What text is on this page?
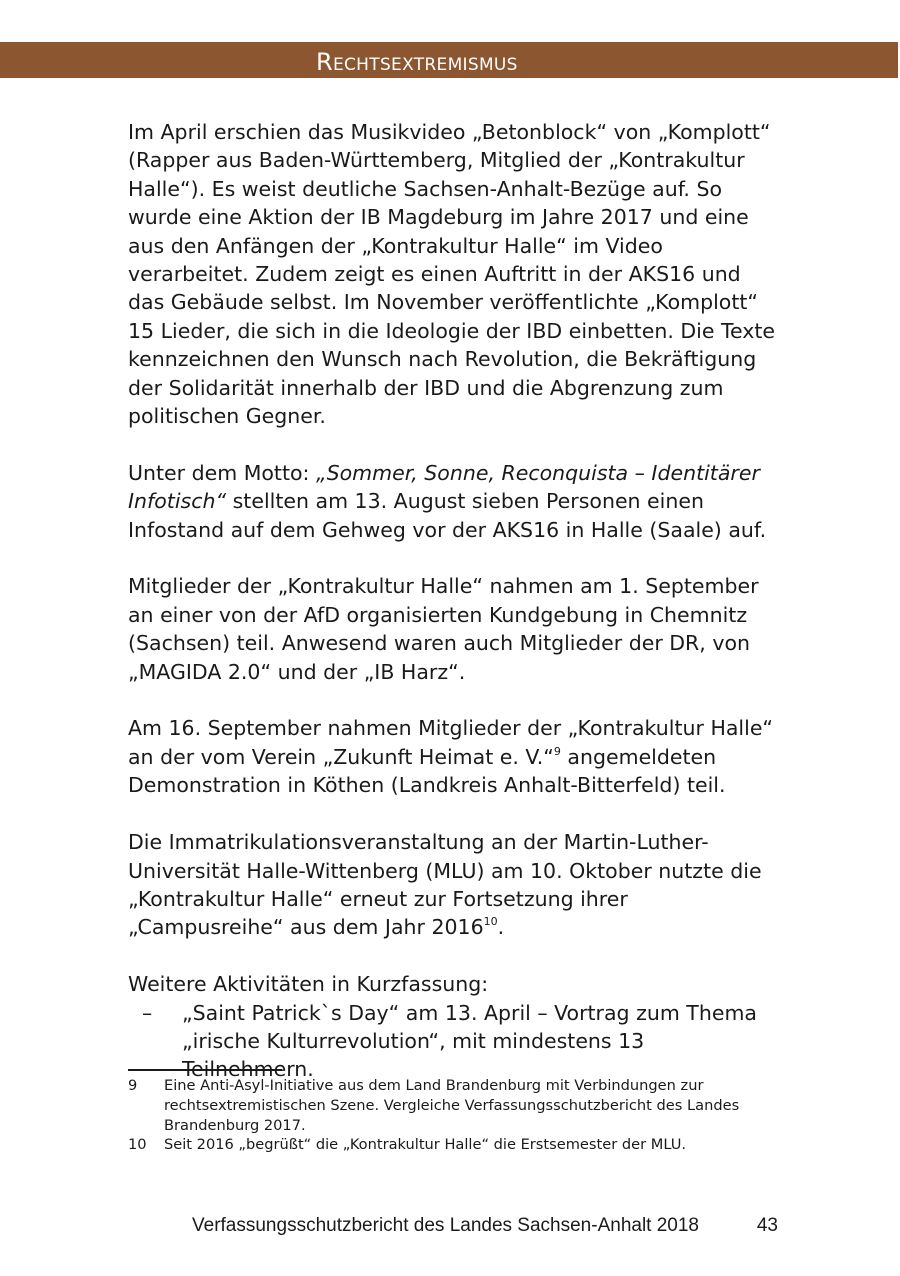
Rechtsextremismus

Im April erschien das Musikvideo „Betonblock“ von „Komplott“ (Rapper aus Baden-Württemberg, Mitglied der „Kontrakultur Halle“). Es weist deutliche Sachsen-Anhalt-Bezüge auf. So wurde eine Aktion der IB Magdeburg im Jahre 2017 und eine aus den Anfängen der „Kontrakultur Halle“ im Video verarbeitet. Zudem zeigt es einen Auftritt in der AKS16 und das Gebäude selbst. Im November veröffentlichte „Komplott“ 15 Lieder, die sich in die Ideologie der IBD einbetten. Die Texte kennzeichnen den Wunsch nach Revolution, die Bekräftigung der Solidarität innerhalb der IBD und die Abgrenzung zum politischen Gegner.

Unter dem Motto: „Sommer, Sonne, Reconquista – Identitärer Infotisch“ stellten am 13. August sieben Personen einen Infostand auf dem Gehweg vor der AKS16 in Halle (Saale) auf.

Mitglieder der „Kontrakultur Halle“ nahmen am 1. September an einer von der AfD organisierten Kundgebung in Chemnitz (Sachsen) teil. Anwesend waren auch Mitglieder der DR, von „MAGIDA 2.0“ und der „IB Harz“.

Am 16. September nahmen Mitglieder der „Kontrakultur Halle“ an der vom Verein „Zukunft Heimat e. V.“$^9$ angemeldeten Demonstration in Köthen (Landkreis Anhalt-Bitterfeld) teil.

Die Immatrikulationsveranstaltung an der Martin-Luther-Universität Halle-Wittenberg (MLU) am 10. Oktober nutzte die „Kontrakultur Halle“ erneut zur Fortsetzung ihrer „Campusreihe“ aus dem Jahr 2016$^{10}$.

Weitere Aktivitäten in Kurzfassung:

– „Saint Patrick`s Day“ am 13. April – Vortrag zum Thema „irische Kulturrevolution“, mit mindestens 13 Teilnehmern.
9 Eine Anti-Asyl-Initiative aus dem Land Brandenburg mit Verbindungen zur rechtsextremistischen Szene. Vergleiche Verfassungsschutzbericht des Landes Brandenburg 2017.
10 Seit 2016 „begrüßt“ die „Kontrakultur Halle“ die Erstsemester der MLU.
Verfassungsschutzbericht des Landes Sachsen-Anhalt 2018	43
